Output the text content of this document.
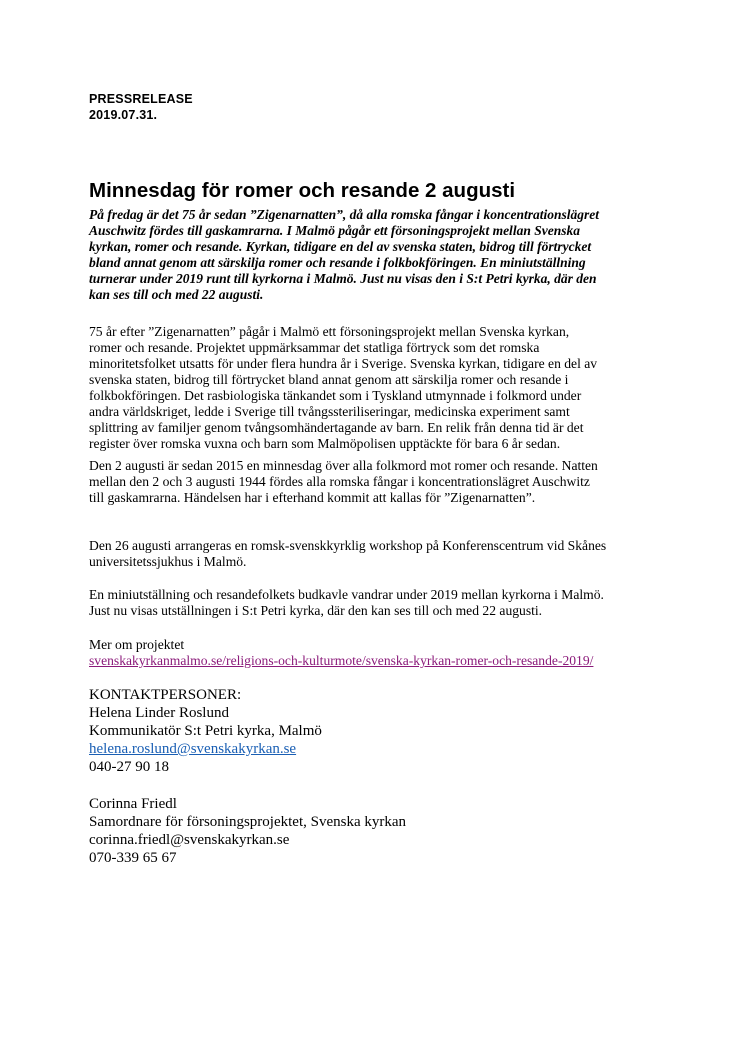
PRESSRELEASE
2019.07.31.
Minnesdag för romer och resande 2 augusti
På fredag är det 75 år sedan ”Zigenarnatten”, då alla romska fångar i koncentrationslägret
Auschwitz fördes till gaskamrarna. I Malmö pågår ett försoningsprojekt mellan Svenska
kyrkan, romer och resande. Kyrkan, tidigare en del av svenska staten, bidrog till förtrycket
bland annat genom att särskilja romer och resande i folkbokföringen. En miniutställning
turnerar under 2019 runt till kyrkorna i Malmö. Just nu visas den i S:t Petri kyrka, där den
kan ses till och med 22 augusti.
75 år efter ”Zigenarnatten” pågår i Malmö ett försoningsprojekt mellan Svenska kyrkan,
romer och resande. Projektet uppmärksammar det statliga förtryck som det romska
minoritetsfolket utsatts för under flera hundra år i Sverige. Svenska kyrkan, tidigare en del av
svenska staten, bidrog till förtrycket bland annat genom att särskilja romer och resande i
folkbokföringen. Det rasbiologiska tänkandet som i Tyskland utmynnade i folkmord under
andra världskriget, ledde i Sverige till tvångssteriliseringar, medicinska experiment samt
splittring av familjer genom tvångsomhändertagande av barn. En relik från denna tid är det
register över romska vuxna och barn som Malmöpolisen upptäckte för bara 6 år sedan.
Den 2 augusti är sedan 2015 en minnesdag över alla folkmord mot romer och resande. Natten
mellan den 2 och 3 augusti 1944 fördes alla romska fångar i koncentrationslägret Auschwitz
till gaskamrarna. Händelsen har i efterhand kommit att kallas för ”Zigenarnatten”.
Den 26 augusti arrangeras en romsk-svenskkyrklig workshop på Konferenscentrum vid Skånes
universitetssjukhus i Malmö.
En miniutställning och resandefolkets budkavle vandrar under 2019 mellan kyrkorna i Malmö.
Just nu visas utställningen i S:t Petri kyrka, där den kan ses till och med 22 augusti.
Mer om projektet
svenskakyrkanmalmo.se/religions-och-kulturmote/svenska-kyrkan-romer-och-resande-2019/
KONTAKTPERSONER:
Helena Linder Roslund
Kommunikatör S:t Petri kyrka, Malmö
helena.roslund@svenskakyrkan.se
040-27 90 18
Corinna Friedl
Samordnare för försoningsprojektet, Svenska kyrkan
corinna.friedl@svenskakyrkan.se
070-339 65 67
